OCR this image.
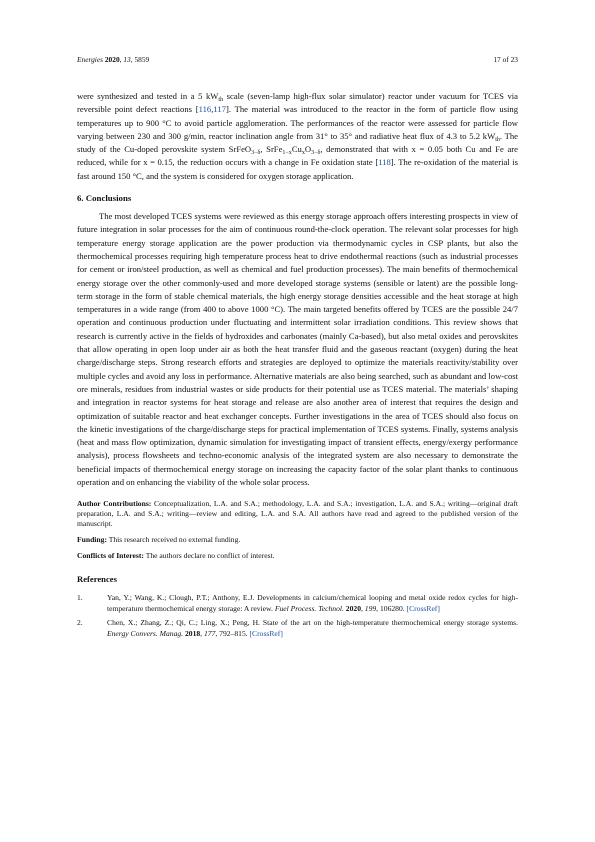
Energies 2020, 13, 5859	17 of 23

were synthesized and tested in a 5 $kW_{th}$ scale (seven-lamp high-flux solar simulator) reactor under vacuum for TCES via reversible point defect reactions [116,117]. The material was introduced to the reactor in the form of particle flow using temperatures up to 900 °C to avoid particle agglomeration. The performances of the reactor were assessed for particle flow varying between 230 and 300 g/min, reactor inclination angle from 31° to 35° and radiative heat flux of 4.3 to 5.2 $kW_{th}$. The study of the Cu-doped perovskite system SrFeO$_{3-\delta}$, $SrFe_{1-x}Cu_xO_{3-\delta}$, demonstrated that with x = 0.05 both Cu and Fe are reduced, while for x = 0.15, the reduction occurs with a change in Fe oxidation state [118]. The re-oxidation of the material is fast around 150 °C, and the system is considered for oxygen storage application.

6. Conclusions

The most developed TCES systems were reviewed as this energy storage approach offers interesting prospects in view of future integration in solar processes for the aim of continuous round-the-clock operation. The relevant solar processes for high temperature energy storage application are the power production via thermodynamic cycles in CSP plants, but also the thermochemical processes requiring high temperature process heat to drive endothermal reactions (such as industrial processes for cement or iron/steel production, as well as chemical and fuel production processes). The main benefits of thermochemical energy storage over the other commonly-used and more developed storage systems (sensible or latent) are the possible long-term storage in the form of stable chemical materials, the high energy storage densities accessible and the heat storage at high temperatures in a wide range (from 400 to above 1000 °C). The main targeted benefits offered by TCES are the possible 24/7 operation and continuous production under fluctuating and intermittent solar irradiation conditions. This review shows that research is currently active in the fields of hydroxides and carbonates (mainly Ca-based), but also metal oxides and perovskites that allow operating in open loop under air as both the heat transfer fluid and the gaseous reactant (oxygen) during the heat charge/discharge steps. Strong research efforts and strategies are deployed to optimize the materials reactivity/stability over multiple cycles and avoid any loss in performance. Alternative materials are also being searched, such as abundant and low-cost ore minerals, residues from industrial wastes or side products for their potential use as TCES material. The materials’ shaping and integration in reactor systems for heat storage and release are also another area of interest that requires the design and optimization of suitable reactor and heat exchanger concepts. Further investigations in the area of TCES should also focus on the kinetic investigations of the charge/discharge steps for practical implementation of TCES systems. Finally, systems analysis (heat and mass flow optimization, dynamic simulation for investigating impact of transient effects, energy/exergy performance analysis), process flowsheets and techno-economic analysis of the integrated system are also necessary to demonstrate the beneficial impacts of thermochemical energy storage on increasing the capacity factor of the solar plant thanks to continuous operation and on enhancing the viability of the whole solar process.

Author Contributions: Conceptualization, L.A. and S.A.; methodology, L.A. and S.A.; investigation, L.A. and S.A.; writing—original draft preparation, L.A. and S.A.; writing—review and editing, L.A. and S.A. All authors have read and agreed to the published version of the manuscript.

Funding: This research received no external funding.

Conflicts of Interest: The authors declare no conflict of interest.

References
1.	Yan, Y.; Wang, K.; Clough, P.T.; Anthony, E.J. Developments in calcium/chemical looping and metal oxide redox cycles for high-temperature thermochemical energy storage: A review. Fuel Process. Technol. 2020, 199, 106280. [CrossRef]
2.	Chen, X.; Zhang, Z.; Qi, C.; Ling, X.; Peng, H. State of the art on the high-temperature thermochemical energy storage systems. Energy Convers. Manag. 2018, 177, 792–815. [CrossRef]
